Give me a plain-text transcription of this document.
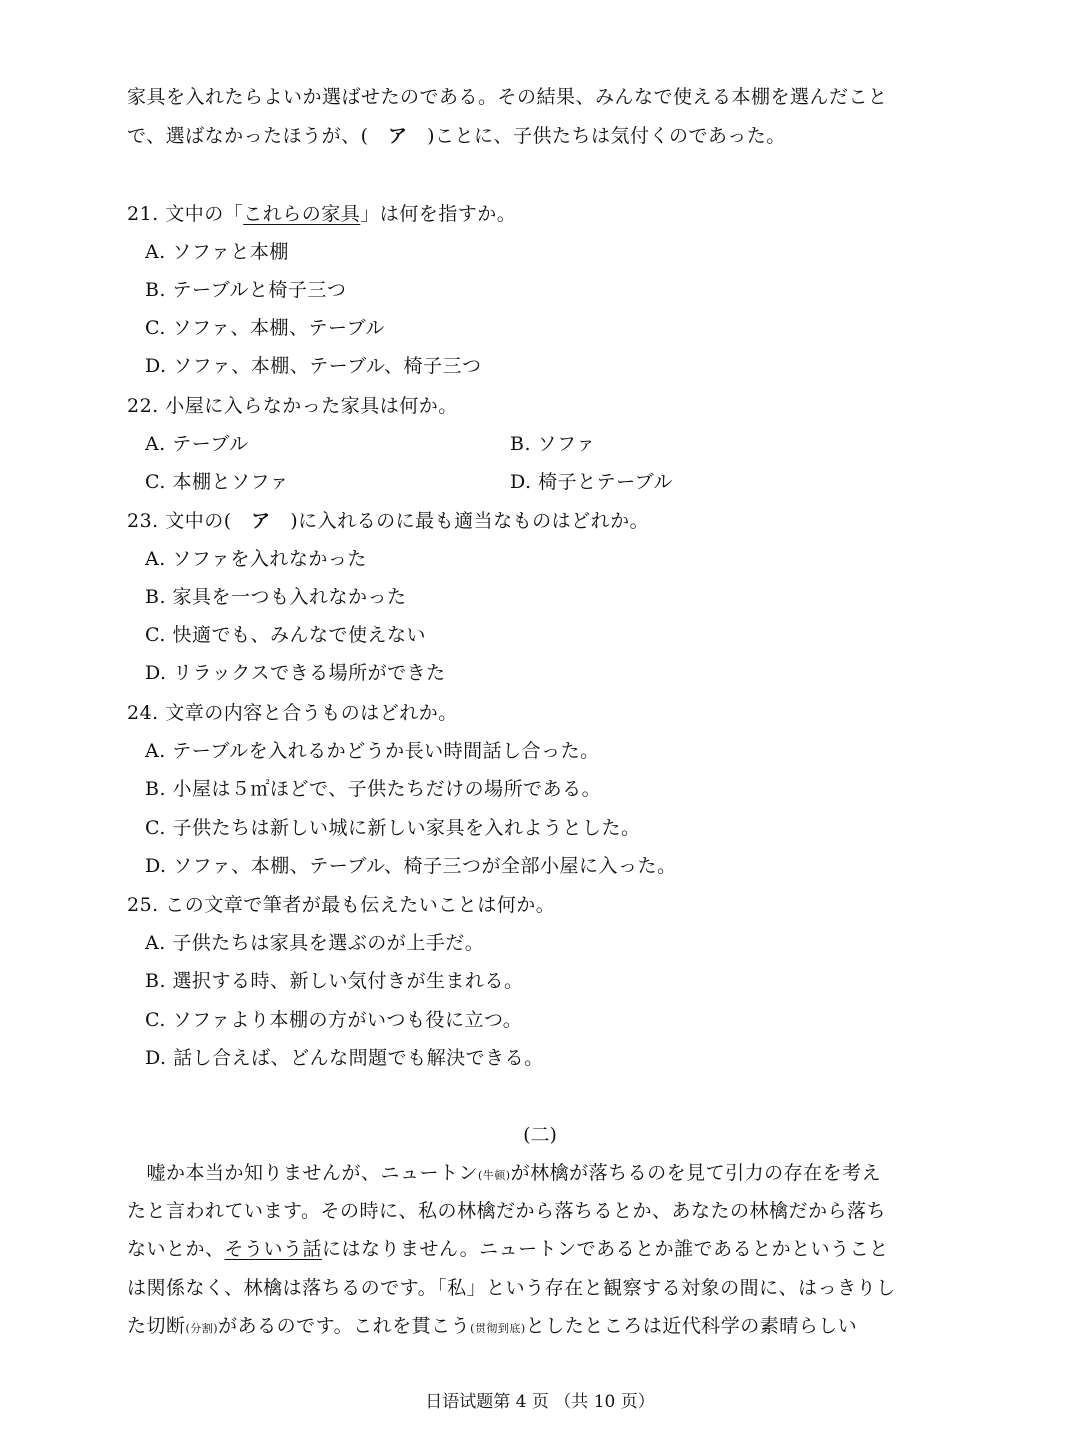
家具を入れたらよいか選ばせたのである。その結果、みんなで使える本棚を選んだこと
で、選ばなかったほうが、(　ア　)ことに、子供たちは気付くのであった。
21. 文中の「これらの家具」は何を指すか。
A. ソファと本棚
B. テーブルと椅子三つ
C. ソファ、本棚、テーブル
D. ソファ、本棚、テーブル、椅子三つ
22. 小屋に入らなかった家具は何か。
A. テーブル	B. ソファ
C. 本棚とソファ	D. 椅子とテーブル
23. 文中の(　ア　)に入れるのに最も適当なものはどれか。
A. ソファを入れなかった
B. 家具を一つも入れなかった
C. 快適でも、みんなで使えない
D. リラックスできる場所ができた
24. 文章の内容と合うものはどれか。
A. テーブルを入れるかどうか長い時間話し合った。
B. 小屋は５㎡ほどで、子供たちだけの場所である。
C. 子供たちは新しい城に新しい家具を入れようとした。
D. ソファ、本棚、テーブル、椅子三つが全部小屋に入った。
25. この文章で筆者が最も伝えたいことは何か。
A. 子供たちは家具を選ぶのが上手だ。
B. 選択する時、新しい気付きが生まれる。
C. ソファより本棚の方がいつも役に立つ。
D. 話し合えば、どんな問題でも解決できる。
(二)
　嘘か本当か知りませんが、ニュートン(牛顿)が林檎が落ちるのを見て引力の存在を考え
たと言われています。その時に、私の林檎だから落ちるとか、あなたの林檎だから落ち
ないとか、そういう話にはなりません。ニュートンであるとか誰であるとかということ
は関係なく、林檎は落ちるのです。「私」という存在と観察する対象の間に、はっきりし
た切断(分割)があるのです。これを貫こう(贯彻到底)としたところは近代科学の素晴らしい
日语试题第 4 页 （共 10 页）
